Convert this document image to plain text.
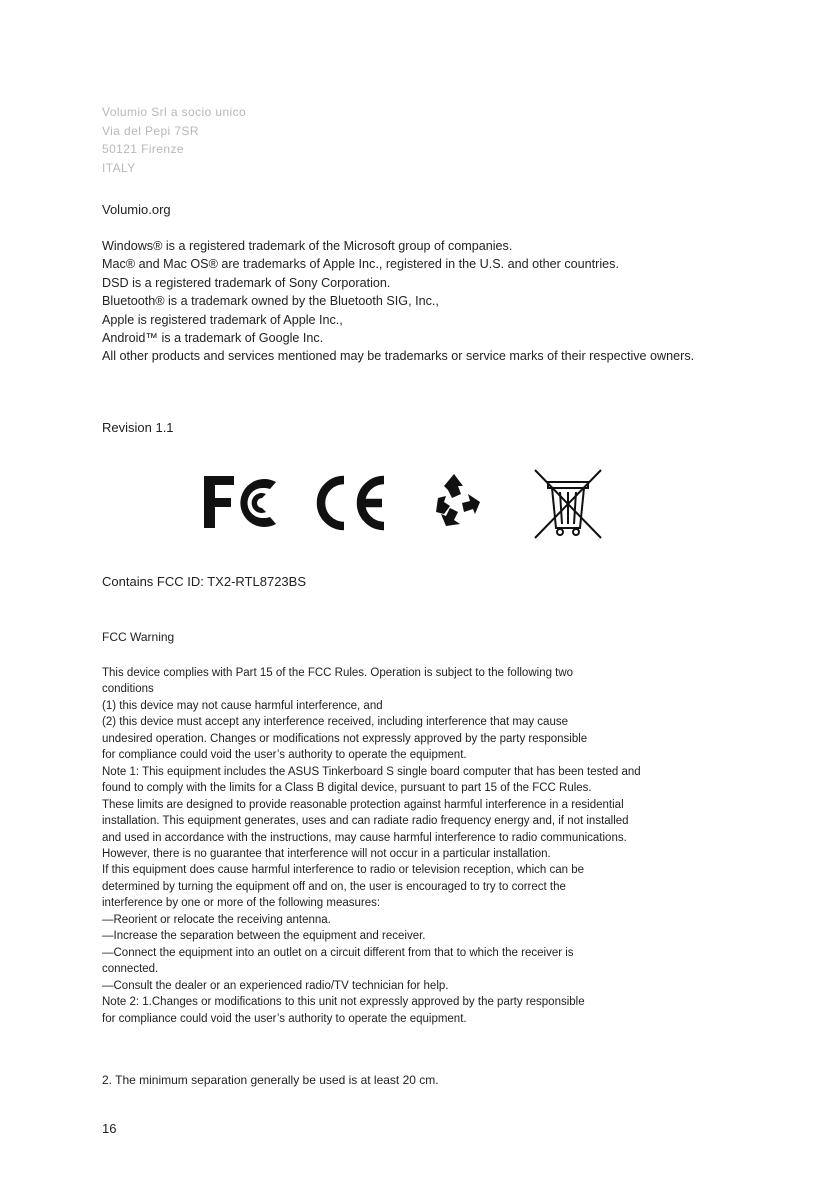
Volumio Srl a socio unico
Via del Pepi 7SR
50121 Firenze
ITALY
Volumio.org
Windows® is a registered trademark of the Microsoft group of companies.
Mac® and Mac OS® are trademarks of Apple Inc., registered in the U.S. and other countries.
DSD is a registered trademark of Sony Corporation.
Bluetooth® is a trademark owned by the Bluetooth SIG, Inc.,
Apple is registered trademark of Apple Inc.,
Android™ is a trademark of Google Inc.
All other products and services mentioned may be trademarks or service marks of their respective owners.
Revision 1.1
Contains FCC ID: TX2-RTL8723BS
FCC Warning
This device complies with Part 15 of the FCC Rules. Operation is subject to the following two
conditions
(1) this device may not cause harmful interference, and
(2) this device must accept any interference received, including interference that may cause
undesired operation. Changes or modifications not expressly approved by the party responsible
for compliance could void the user’s authority to operate the equipment.
Note 1: This equipment includes the ASUS Tinkerboard S single board computer that has been tested and
found to comply with the limits for a Class B digital device, pursuant to part 15 of the FCC Rules.
These limits are designed to provide reasonable protection against harmful interference in a residential
installation. This equipment generates, uses and can radiate radio frequency energy and, if not installed
and used in accordance with the instructions, may cause harmful interference to radio communications.
However, there is no guarantee that interference will not occur in a particular installation.
If this equipment does cause harmful interference to radio or television reception, which can be
determined by turning the equipment off and on, the user is encouraged to try to correct the
interference by one or more of the following measures:
—Reorient or relocate the receiving antenna.
—Increase the separation between the equipment and receiver.
—Connect the equipment into an outlet on a circuit different from that to which the receiver is
connected.
—Consult the dealer or an experienced radio/TV technician for help.
Note 2: 1.Changes or modifications to this unit not expressly approved by the party responsible
for compliance could void the user’s authority to operate the equipment.
2. The minimum separation generally be used is at least 20 cm.
16
